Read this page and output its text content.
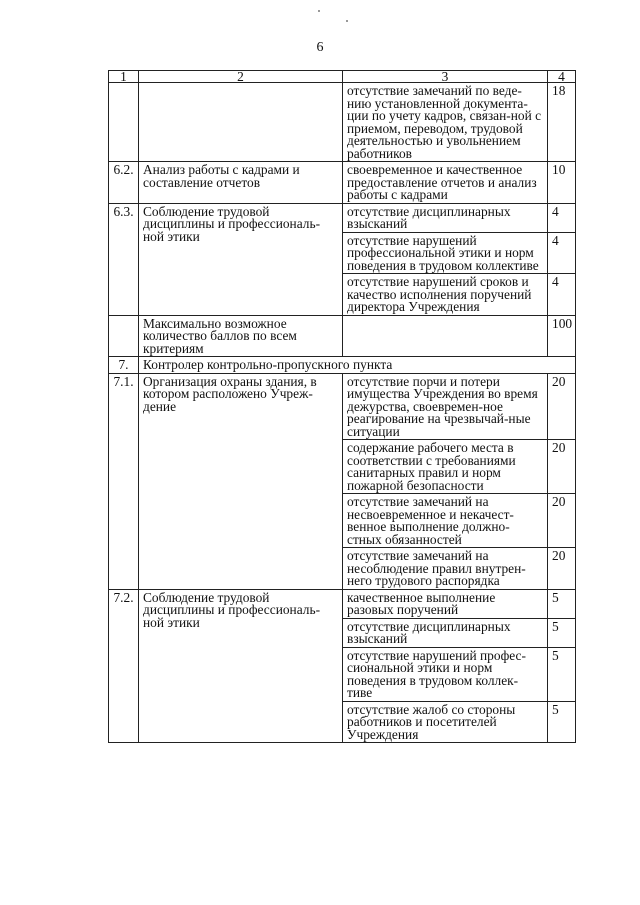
6
1	2	3	4
		отсутствие замечаний по веде-нию установленной документа-ции по учету кадров, связан-ной с приемом, переводом, трудовой деятельностью и увольнением работников	18
6.2.	Анализ работы с кадрами и составление отчетов	своевременное и качественное предоставление отчетов и анализ работы с кадрами	10
6.3.	Соблюдение трудовой дисциплины и профессиональ-ной этики	отсутствие дисциплинарных взысканий	4
		отсутствие нарушений профессиональной этики и норм поведения в трудовом коллективе	4
		отсутствие нарушений сроков и качество исполнения поручений директора Учреждения	4
	Максимально возможное количество баллов по всем критериям		100
7.	Контролер контрольно-пропускного пункта		
7.1.	Организация охраны здания, в котором расположено Учреж-дение	отсутствие порчи и потери имущества Учреждения во время дежурства, своевремен-ное реагирование на чрезвычай-ные ситуации	20
		содержание рабочего места в соответствии с требованиями санитарных правил и норм пожарной безопасности	20
		отсутствие замечаний на несвоевременное и некачест-венное выполнение должно-стных обязанностей	20
		отсутствие замечаний на несоблюдение правил внутрен-него трудового распорядка	20
7.2.	Соблюдение трудовой дисциплины и профессиональ-ной этики	качественное выполнение разовых поручений	5
		отсутствие дисциплинарных взысканий	5
		отсутствие нарушений профес-сиональной этики и норм поведения в трудовом коллек-тиве	5
		отсутствие жалоб со стороны работников и посетителей Учреждения	5
